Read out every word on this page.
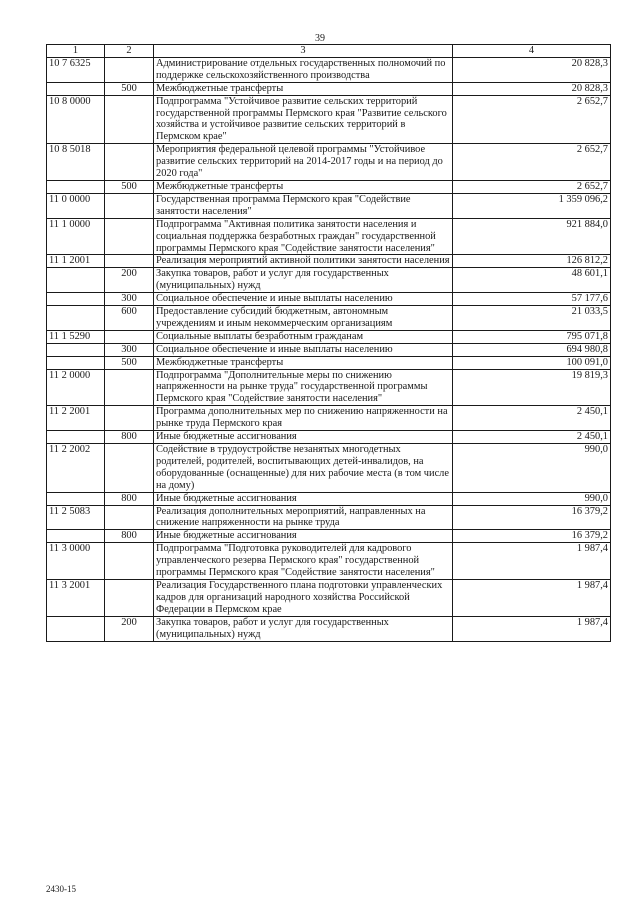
39
1	2	3	4
10 7 6325		Администрирование отдельных государственных полномочий по поддержке сельскохозяйственного производства	20 828,3
	500	Межбюджетные трансферты	20 828,3
10 8 0000		Подпрограмма "Устойчивое развитие сельских территорий государственной программы Пермского края "Развитие сельского хозяйства и устойчивое развитие сельских территорий в Пермском крае"	2 652,7
10 8 5018		Мероприятия федеральной целевой программы "Устойчивое развитие сельских территорий на 2014-2017 годы и на период до 2020 года"	2 652,7
	500	Межбюджетные трансферты	2 652,7
11 0 0000		Государственная программа Пермского края "Содействие занятости населения"	1 359 096,2
11 1 0000		Подпрограмма "Активная политика занятости населения и социальная поддержка безработных граждан" государственной программы Пермского края "Содействие занятости населения"	921 884,0
11 1 2001		Реализация мероприятий активной политики занятости населения	126 812,2
	200	Закупка товаров, работ и услуг для государственных (муниципальных) нужд	48 601,1
	300	Социальное обеспечение и иные выплаты населению	57 177,6
	600	Предоставление субсидий бюджетным, автономным учреждениям и иным некоммерческим организациям	21 033,5
11 1 5290		Социальные выплаты безработным гражданам	795 071,8
	300	Социальное обеспечение и иные выплаты населению	694 980,8
	500	Межбюджетные трансферты	100 091,0
11 2 0000		Подпрограмма "Дополнительные меры по снижению напряженности на рынке труда" государственной программы Пермского края "Содействие занятости населения"	19 819,3
11 2 2001		Программа дополнительных мер по снижению напряженности на рынке труда Пермского края	2 450,1
	800	Иные бюджетные ассигнования	2 450,1
11 2 2002		Содействие в трудоустройстве незанятых многодетных родителей, родителей, воспитывающих детей-инвалидов, на оборудованные (оснащенные) для них рабочие места (в том числе на дому)	990,0
	800	Иные бюджетные ассигнования	990,0
11 2 5083		Реализация дополнительных мероприятий, направленных на снижение напряженности на рынке труда	16 379,2
	800	Иные бюджетные ассигнования	16 379,2
11 3 0000		Подпрограмма "Подготовка руководителей для кадрового управленческого резерва Пермского края" государственной программы Пермского края "Содействие занятости населения"	1 987,4
11 3 2001		Реализация Государственного плана подготовки управленческих кадров для организаций народного хозяйства Российской Федерации в Пермском крае	1 987,4
	200	Закупка товаров, работ и услуг для государственных (муниципальных) нужд	1 987,4
2430-15
